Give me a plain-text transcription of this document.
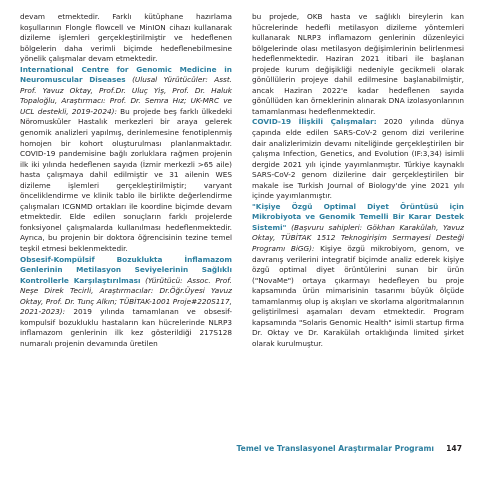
devam etmektedir. Farklı kütüphane hazırlama koşullarının Flongle flowcell ve MinION cihazı kullanarak dizileme işlemleri gerçekleştirilmiştir ve hedeflenen bölgelerin daha verimli biçimde hedeflenebilmesine yönelik çalışmalar devam etmektedir.

International Centre for Genomic Medicine in Neuromuscular Diseases (Ulusal Yürütücüler: Asst. Prof. Yavuz Oktay, Prof.Dr. Uluç Yiş, Prof. Dr. Haluk Topaloğlu, Araştırmacı: Prof. Dr. Semra Hız; UK-MRC ve UCL destekli, 2019-2024): Bu projede beş farklı ülkedeki Nöromusküler Hastalık merkezleri bir araya gelerek genomik analizleri yapılmış, derinlemesine fenotiplenmiş homojen bir kohort oluşturulması planlanmaktadır. COVID-19 pandemisine bağlı zorluklara rağmen projenin ilk iki yılında hedeflenen sayıda (İzmir merkezli >65 aile) hasta çalışmaya dahil edilmiştir ve 31 ailenin WES dizileme işlemleri gerçekleştirilmiştir; varyant önceliklendirme ve klinik tablo ile birlikte değerlendirme çalışmaları ICGNMD ortakları ile koordine biçimde devam etmektedir. Elde edilen sonuçların farklı projelerde fonksiyonel çalışmalarda kullanılması hedeflenmektedir. Ayrıca, bu projenin bir doktora öğrencisinin tezine temel teşkil etmesi beklenmektedir.

Obsesif-Kompülsif Bozuklukta İnflamazom Genlerinin Metilasyon Seviyelerinin Sağlıklı Kontrollerle Karşılaştırılması (Yürütücü: Assoc. Prof. Neşe Direk Tecirli, Araştırmacılar: Dr.Öğr.Üyesi Yavuz Oktay, Prof. Dr. Tunç Alkın; TÜBİTAK-1001 Proje#220S117, 2021-2023): 2019 yılında tamamlanan ve obsesif-kompulsif bozukluklu hastaların kan hücrelerinde NLRP3 inflamazom genlerinin ilk kez gösterildiği 217S128 numaralı projenin devamında üretilen

bu projede, OKB hasta ve sağlıklı bireylerin kan hücrelerinde hedefli metilasyon dizileme yöntemleri kullanarak NLRP3 inflamazom genlerinin düzenleyici bölgelerinde olası metilasyon değişimlerinin belirlenmesi hedeflenmektedir. Haziran 2021 itibari ile başlanan projede kurum değişikliği nedeniyle gecikmeli olarak gönüllülerin projeye dahil edilmesine başlanabilmiştir, ancak Haziran 2022'e kadar hedeflenen sayıda gönüllüden kan örneklerinin alınarak DNA izolasyonlarının tamamlanması hedeflenmektedir.

COVID-19 İlişkili Çalışmalar: 2020 yılında dünya çapında elde edilen SARS-CoV-2 genom dizi verilerine dair analizlerimizin devamı niteliğinde gerçekleştirilen bir çalışma Infection, Genetics, and Evolution (IF:3,34) isimli dergide 2021 yılı içinde yayımlanmıştır. Türkiye kaynaklı SARS-CoV-2 genom dizilerine dair gerçekleştirilen bir makale ise Turkish Journal of Biology'de yine 2021 yılı içinde yayımlanmıştır.

"Kişiye Özgü Optimal Diyet Örüntüsü için Mikrobiyota ve Genomik Temelli Bir Karar Destek Sistemi" (Başvuru sahipleri: Gökhan Karakülah, Yavuz Oktay, TÜBİTAK 1512 Teknogirişim Sermayesi Desteği Programı BiGG): Kişiye özgü mikrobiyom, genom, ve davranış verilerini integratif biçimde analiz ederek kişiye özgü optimal diyet örüntülerini sunan bir ürün ("NovaMe") ortaya çıkarmayı hedefleyen bu proje kapsamında ürün mimarisinin tasarımı büyük ölçüde tamamlanmış olup iş akışları ve skorlama algoritmalarının geliştirilmesi aşamaları devam etmektedir. Program kapsamında "Solaris Genomic Health" isimli startup firma Dr. Oktay ve Dr. Karakülah ortaklığında limited şirket olarak kurulmuştur.

Temel ve Translasyonel Araştırmalar Programı 147
